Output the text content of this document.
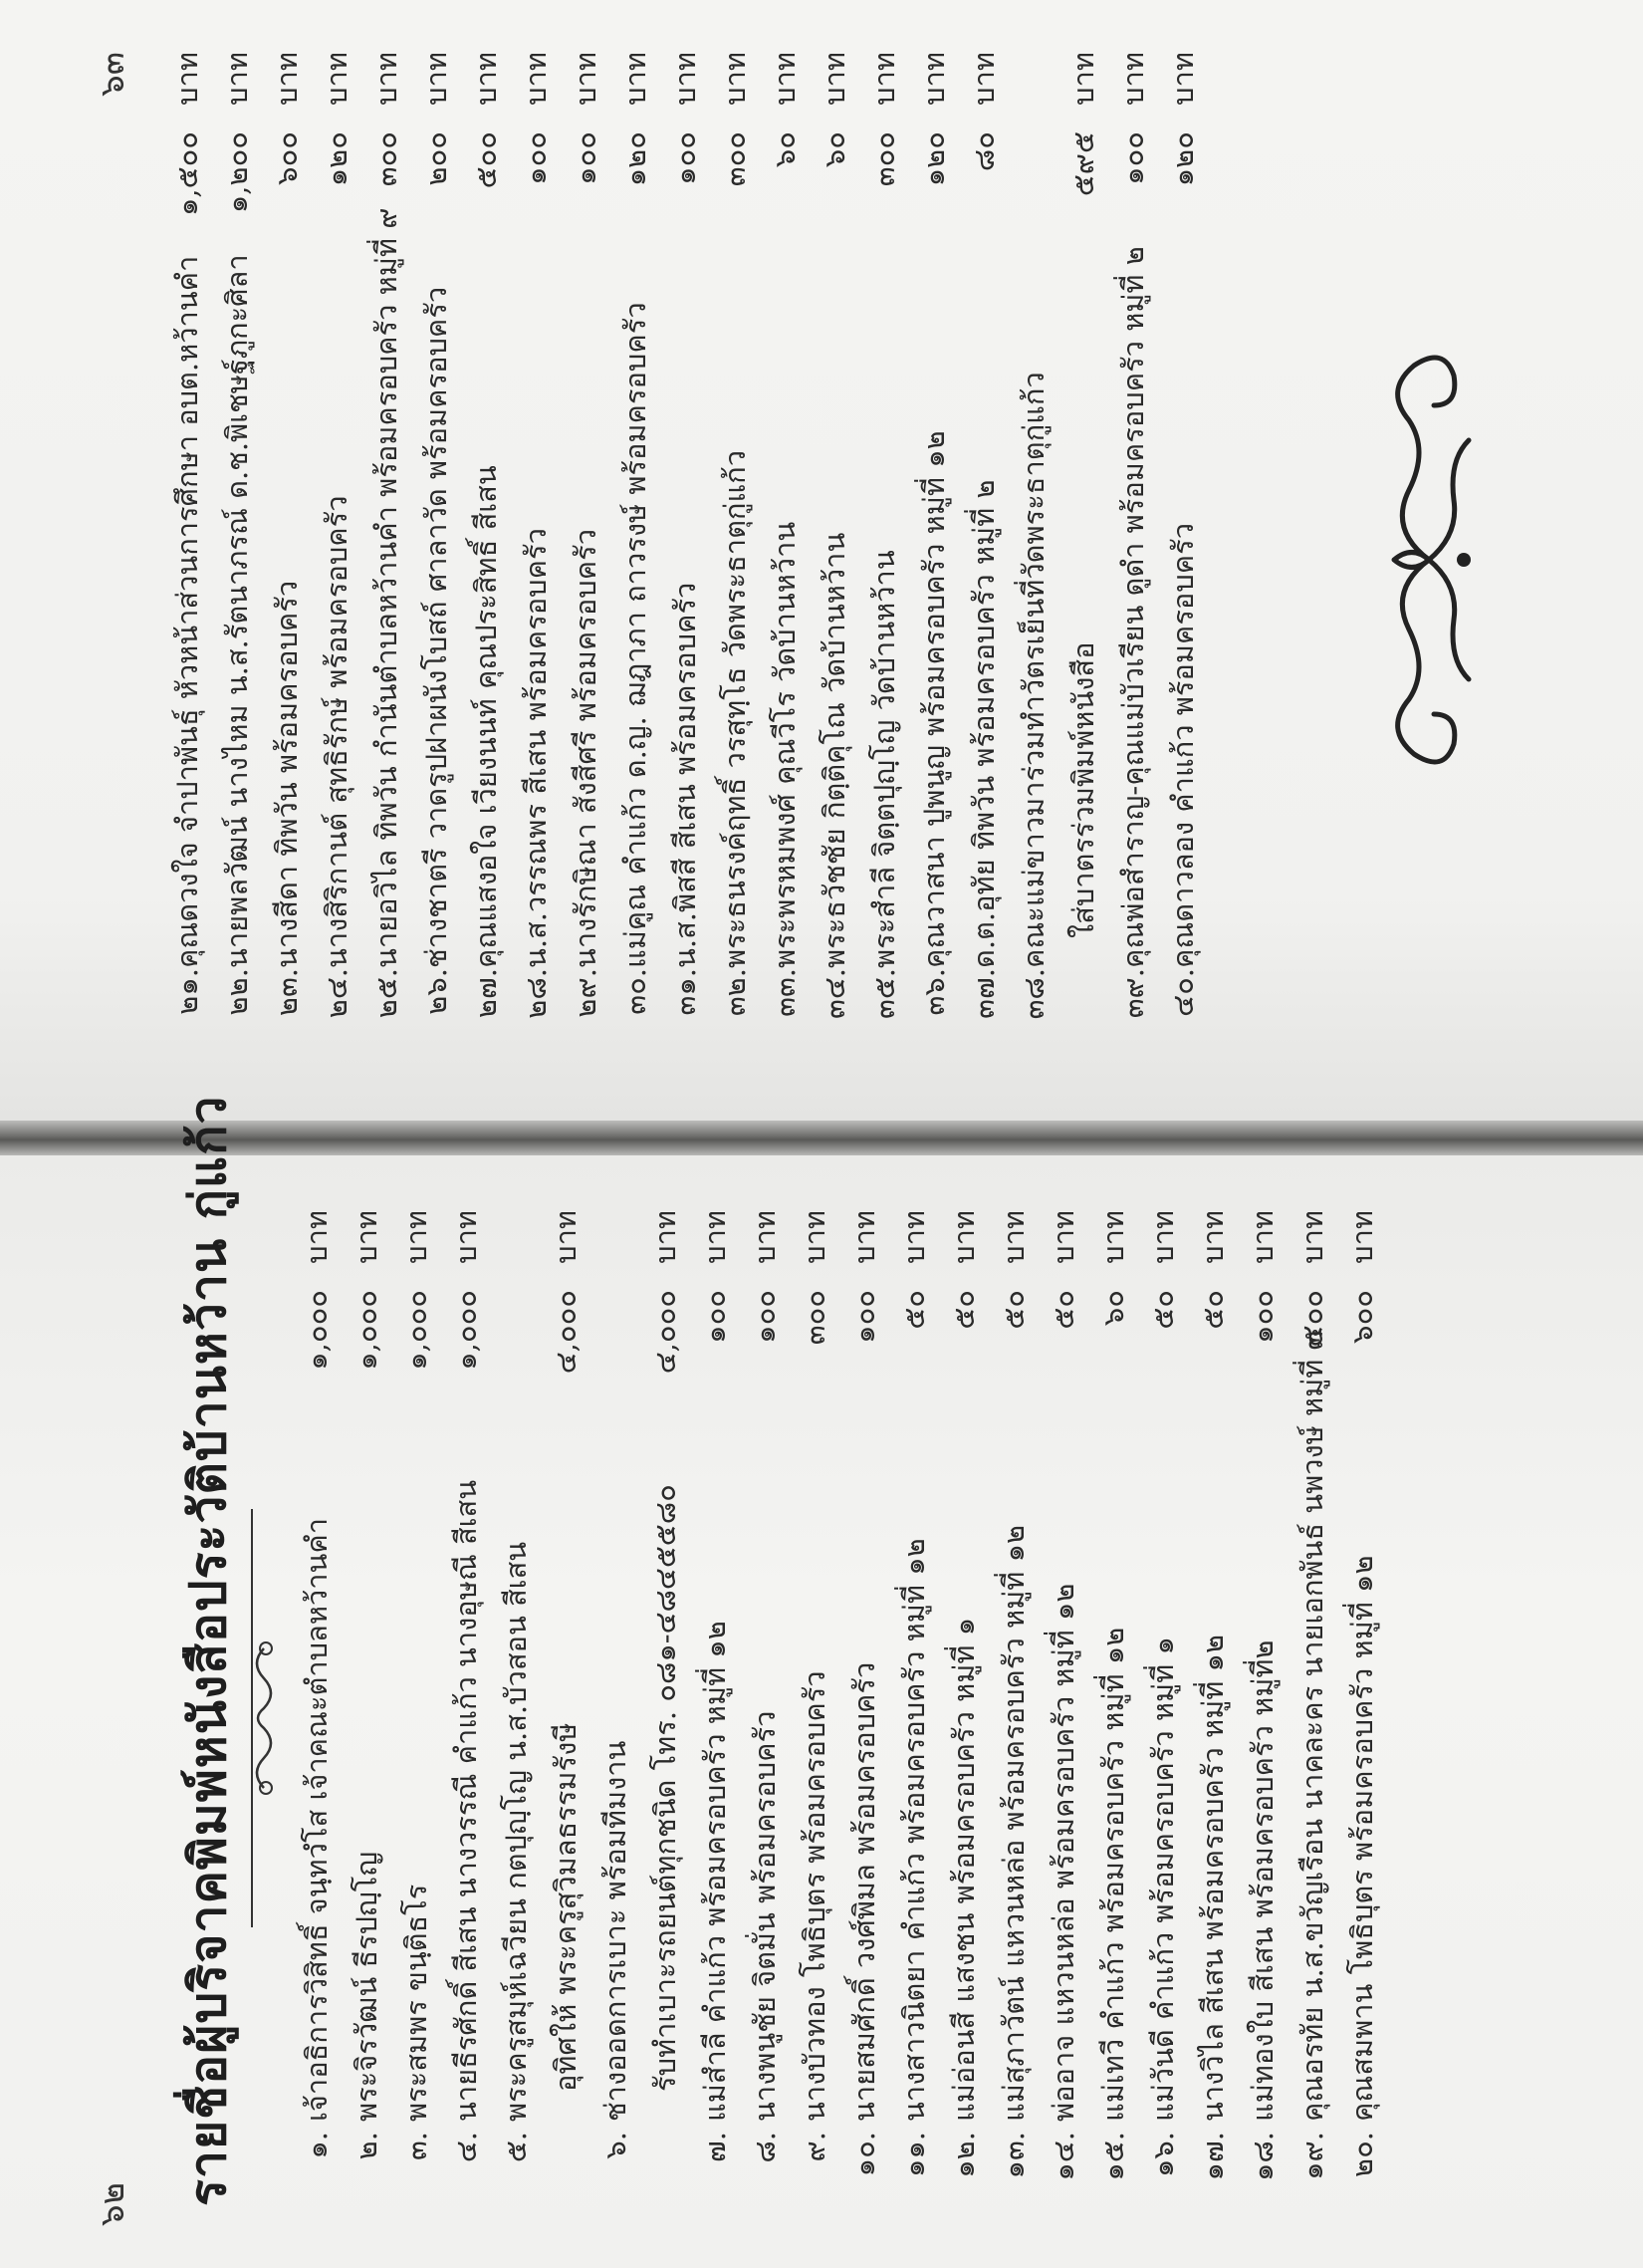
๖๒ รายชื่อผู้บริจาคพิมพ์หนังสือประวัติบ้านหว้าน กู่แก้ว	๑.
เจ้าอธิการวิสิทธิ์ จนฺทวํโส เจ้าคณะตำบลหว้านคำ
๑,๐๐๐
บาท
๒.
พระจิรวัฒน์ ธีรปญฺโญ
๑,๐๐๐
บาท
๓.
พระสมพร ขนฺติธโร
๑,๐๐๐
บาท
๔.
นายธีรศักดิ์ สีเสน นางวรรณี คำแก้ว นางอุษณี สีเสน
๑,๐๐๐
บาท
๕.
พระครูสมุห์เฉวียน กตปุญฺโญ น.ส.บัวสอน สีเสน อุทิศให้ พระครูสุวิมลธรรมรังษี
๔,๐๐๐
บาท
๖.
ช่างออดการเบาะ พร้อมทีมงาน รับทำเบาะรถยนต์ทุกชนิด โทร. ๐๘๑-๔๘๔๕๕๘๐
๔,๐๐๐
บาท
๗.
แม่สำลี คำแก้ว พร้อมครอบครัว หมู่ที่ ๑๒
๑๐๐
บาท
๘.
นางพนูชัย จิตมั่น พร้อมครอบครัว
๑๐๐
บาท
๙.
นางบัวทอง โพธิบุตร พร้อมครอบครัว
๓๐๐
บาท
๑๐.
นายสมศักดิ์ วงศ์พิมล พร้อมครอบครัว
๑๐๐
บาท
๑๑.
นางสาวนิตยา คำแก้ว พร้อมครอบครัว หมู่ที่ ๑๒
๕๐
บาท
๑๒.
แม่อ่อนสี แสงชน พร้อมครอบครัว หมู่ที่ ๑
๕๐
บาท
๑๓.
แม่สุภาวัตน์ แหวนหล่อ พร้อมครอบครัว หมู่ที่ ๑๒
๕๐
บาท
๑๔.
พ่ออาจ แหวนหล่อ พร้อมครอบครัว หมู่ที่ ๑๒
๕๐
บาท
๑๕.
แม่เทวี คำแก้ว พร้อมครอบครัว หมู่ที่ ๑๒
๖๐
บาท
๑๖.
แม่วันดี คำแก้ว พร้อมครอบครัว หมู่ที่ ๑
๕๐
บาท
๑๗.
นางวิไล สีเสน พร้อมครอบครัว หมู่ที่ ๑๒
๕๐
บาท
๑๘.
แม่ทองใบ สีเสน พร้อมครอบครัว หมู่ที่๒
๑๐๐
บาท
๑๙.
คุณอรทัย น.ส.ขวัญเรือน นาคละคร นายเอกพันธ์ นพวงษ์ หมู่ที่ ๓
๕๐๐
บาท
๒๐.
คุณสมพาน โพธิบุตร พร้อมครอบครัว หมู่ที่ ๑๒
๖๐๐
บาท
๖๓
๒๑.
คุณดวงใจ จำปาพันธุ์ หัวหน้าส่วนการศึกษา อบต.หว้านคำ
๑,๕๐๐
บาท
๒๒.
นายพลวัฒน์ นางไหม น.ส.รัตนาภรณ์ ด.ช.พิเชษฐ์ภูกะศิลา
๑,๒๐๐
บาท
๒๓.
นางสีดา ทิพวัน พร้อมครอบครัว
๖๐๐
บาท
๒๔.
นางสิริกานต์ สุทธิรักษ์ พร้อมครอบครัว
๑๒๐
บาท
๒๕.
นายอวิไล ทิพวัน กำนันตำบลหว้านคำ พร้อมครอบครัว หมู่ที่ ๙
๓๐๐
บาท
๒๖.
ช่างชาตรี วาดรูปฝาผนังโบสถ์ ศาลาวัด พร้อมครอบครัว
๒๐๐
บาท
๒๗.
คุณแสงอใจ เวียงนนท์ คุณประสิทธิ์ สีเสน
๕๐๐
บาท
๒๘.
น.ส.วรรณพร สีเสน พร้อมครอบครัว
๑๐๐
บาท
๒๙.
นางรักษิณา สังสีศรี พร้อมครอบครัว
๑๐๐
บาท
๓๐.
แม่คูณ คำแก้ว ด.ญ. ฌฎาภา ถาวรงษ์ พร้อมครอบครัว
๑๒๐
บาท
๓๑.
น.ส.พิสสี สีเสน พร้อมครอบครัว
๑๐๐
บาท
๓๒.
พระธนรงค์ฤทธิ์ วรสุทฺโธ วัดพระธาตุกู่แก้ว
๓๐๐
บาท
๓๓.
พระพรหมพงศ์ คุณวีโร วัดบ้านหว้าน
๖๐
บาท
๓๔.
พระธวัชชัย กิตฺติคุโณ วัดบ้านหว้าน
๖๐
บาท
๓๕.
พระสำลี จิตฺตปุญฺโญ วัดบ้านหว้าน
๓๐๐
บาท
๓๖.
คุณวาสนา ปูพนูญ พร้อมครอบครัว หมู่ที่ ๑๒
๑๒๐
บาท
๓๗.
ด.ต.อุทัย ทิพวัน พร้อมครอบครัว หมู่ที่ ๒
๘๐
บาท
๓๘.
คณะแม่ขาวมาร่วมทำวัตรเย็นที่วัดพระธาตุกู่แก้ว ใส่บาตรร่วมพิมพ์หนังสือ
๕๙๕
บาท
๓๙.
คุณพ่อสำราญ-คุณแม่บัวเรียน ดูดำ พร้อมครอบครัว หมู่ที่ ๒
๑๐๐
บาท
๔๐.
คุณดาวลอง คำแก้ว พร้อมครอบครัว
๑๒๐
บาท
